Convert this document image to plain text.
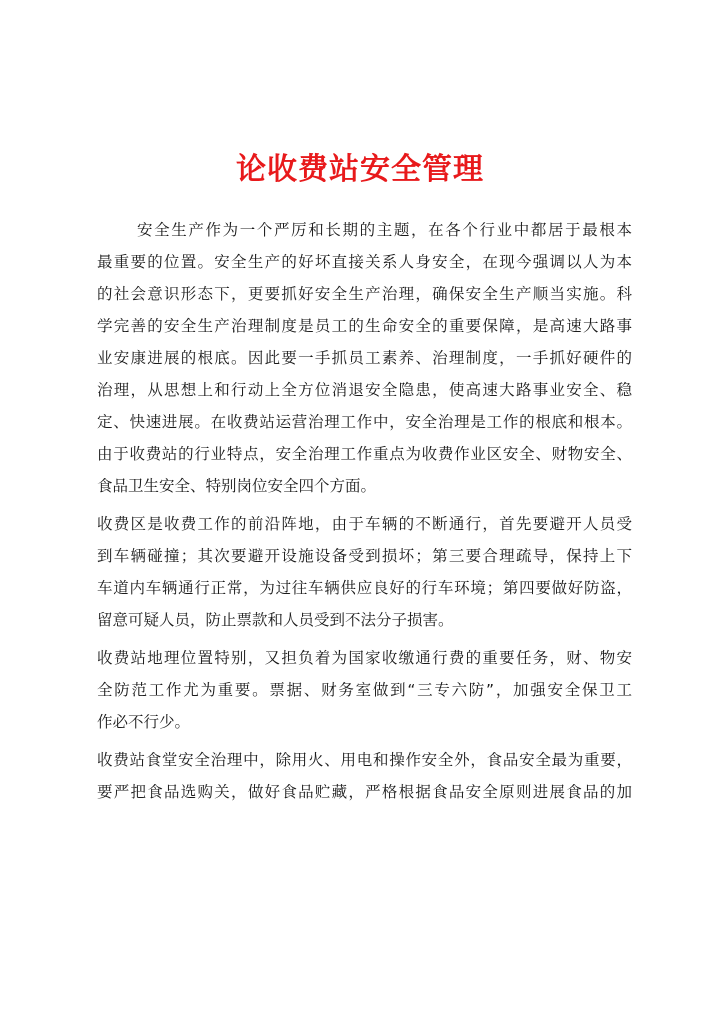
论收费站安全管理
安全生产作为一个严厉和长期的主题，在各个行业中都居于最根本
最重要的位置。安全生产的好坏直接关系人身安全，在现今强调以人为本
的社会意识形态下，更要抓好安全生产治理，确保安全生产顺当实施。科
学完善的安全生产治理制度是员工的生命安全的重要保障，是高速大路事
业安康进展的根底。因此要一手抓员工素养、治理制度，一手抓好硬件的
治理，从思想上和行动上全方位消退安全隐患，使高速大路事业安全、稳
定、快速进展。在收费站运营治理工作中，安全治理是工作的根底和根本。
由于收费站的行业特点，安全治理工作重点为收费作业区安全、财物安全、
食品卫生安全、特别岗位安全四个方面。
收费区是收费工作的前沿阵地，由于车辆的不断通行，首先要避开人员受
到车辆碰撞；其次要避开设施设备受到损坏；第三要合理疏导，保持上下
车道内车辆通行正常，为过往车辆供应良好的行车环境；第四要做好防盗，
留意可疑人员，防止票款和人员受到不法分子损害。
收费站地理位置特别，又担负着为国家收缴通行费的重要任务，财、物安
全防范工作尤为重要。票据、财务室做到“三专六防”，加强安全保卫工
作必不行少。
收费站食堂安全治理中，除用火、用电和操作安全外，食品安全最为重要，
要严把食品选购关，做好食品贮藏，严格根据食品安全原则进展食品的加
